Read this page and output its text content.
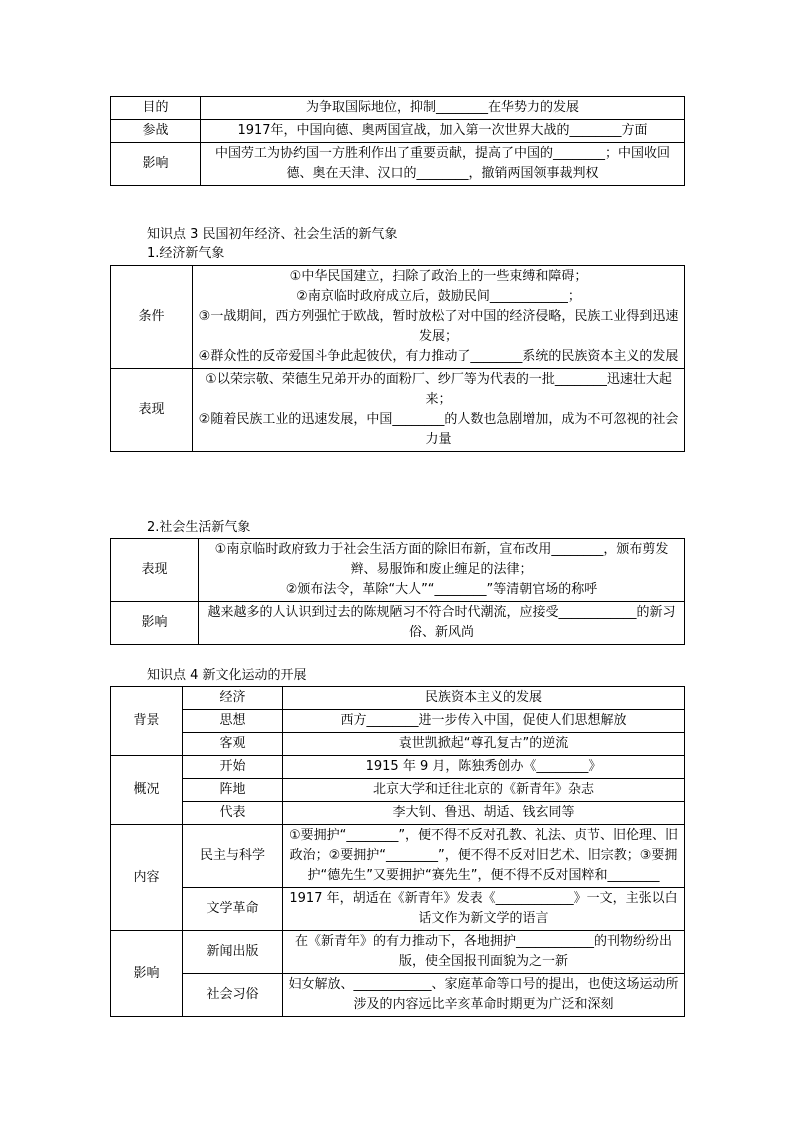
目的	为争取国际地位，抑制________在华势力的发展
参战	1917年，中国向德、奥两国宣战，加入第一次世界大战的________方面
影响	中国劳工为协约国一方胜利作出了重要贡献，提高了中国的________；中国收回德、奥在天津、汉口的________，撤销两国领事裁判权
知识点 3 民国初年经济、社会生活的新气象
1.经济新气象
条件	①中华民国建立，扫除了政治上的一些束缚和障碍；
②南京临时政府成立后，鼓励民间____________；
③一战期间，西方列强忙于欧战，暂时放松了对中国的经济侵略，民族工业得到迅速发展；
④群众性的反帝爱国斗争此起彼伏，有力推动了________系统的民族资本主义的发展

表现	①以荣宗敬、荣德生兄弟开办的面粉厂、纱厂等为代表的一批________迅速壮大起来；
②随着民族工业的迅速发展，中国________的人数也急剧增加，成为不可忽视的社会力量
2.社会生活新气象
表现	①南京临时政府致力于社会生活方面的除旧布新，宣布改用________，颁布剪发辫、易服饰和废止缠足的法律；
②颁布法令，革除“大人”“________”等清朝官场的称呼

影响	越来越多的人认识到过去的陈规陋习不符合时代潮流，应接受____________的新习俗、新风尚
知识点 4 新文化运动的开展
背景	经济	民族资本主义的发展
	思想	西方________进一步传入中国，促使人们思想解放
	客观	袁世凯掀起“尊孔复古”的逆流
概况	开始	1915 年 9 月，陈独秀创办《________》
	阵地	北京大学和迁往北京的《新青年》杂志
	代表	李大钊、鲁迅、胡适、钱玄同等
内容	民主与科学	①要拥护“________”，便不得不反对孔教、礼法、贞节、旧伦理、旧政治；②要拥护“________”，便不得不反对旧艺术、旧宗教；③要拥护“德先生”又要拥护“赛先生”，便不得不反对国粹和________
	文学革命	1917 年，胡适在《新青年》发表《____________》一文，主张以白话文作为新文学的语言
影响	新闻出版	在《新青年》的有力推动下，各地拥护____________的刊物纷纷出版，使全国报刊面貌为之一新
	社会习俗	妇女解放、____________、家庭革命等口号的提出，也使这场运动所涉及的内容远比辛亥革命时期更为广泛和深刻
